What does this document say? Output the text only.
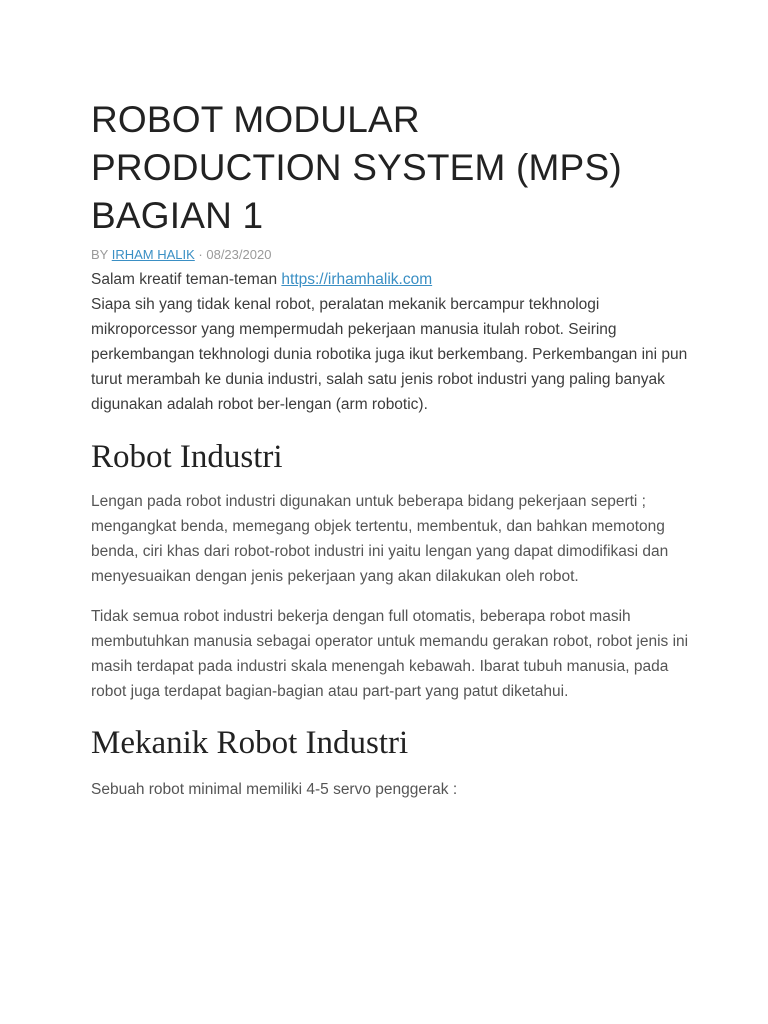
ROBOT MODULAR
PRODUCTION SYSTEM (MPS)
BAGIAN 1
BY IRHAM HALIK · 08/23/2020
Salam kreatif teman-teman https://irhamhalik.com

Siapa sih yang tidak kenal robot, peralatan mekanik bercampur tekhnologi mikroporcessor yang mempermudah pekerjaan manusia itulah robot. Seiring perkembangan tekhnologi dunia robotika juga ikut berkembang. Perkembangan ini pun turut merambah ke dunia industri, salah satu jenis robot industri yang paling banyak digunakan adalah robot ber-lengan (arm robotic).

Robot Industri

Lengan pada robot industri digunakan untuk beberapa bidang pekerjaan seperti ; mengangkat benda, memegang objek tertentu, membentuk, dan bahkan memotong benda, ciri khas dari robot-robot industri ini yaitu lengan yang dapat dimodifikasi dan menyesuaikan dengan jenis pekerjaan yang akan dilakukan oleh robot.

Tidak semua robot industri bekerja dengan full otomatis, beberapa robot masih membutuhkan manusia sebagai operator untuk memandu gerakan robot, robot jenis ini masih terdapat pada industri skala menengah kebawah. Ibarat tubuh manusia, pada robot juga terdapat bagian-bagian atau part-part yang patut diketahui.

Mekanik Robot Industri

Sebuah robot minimal memiliki 4-5 servo penggerak :
